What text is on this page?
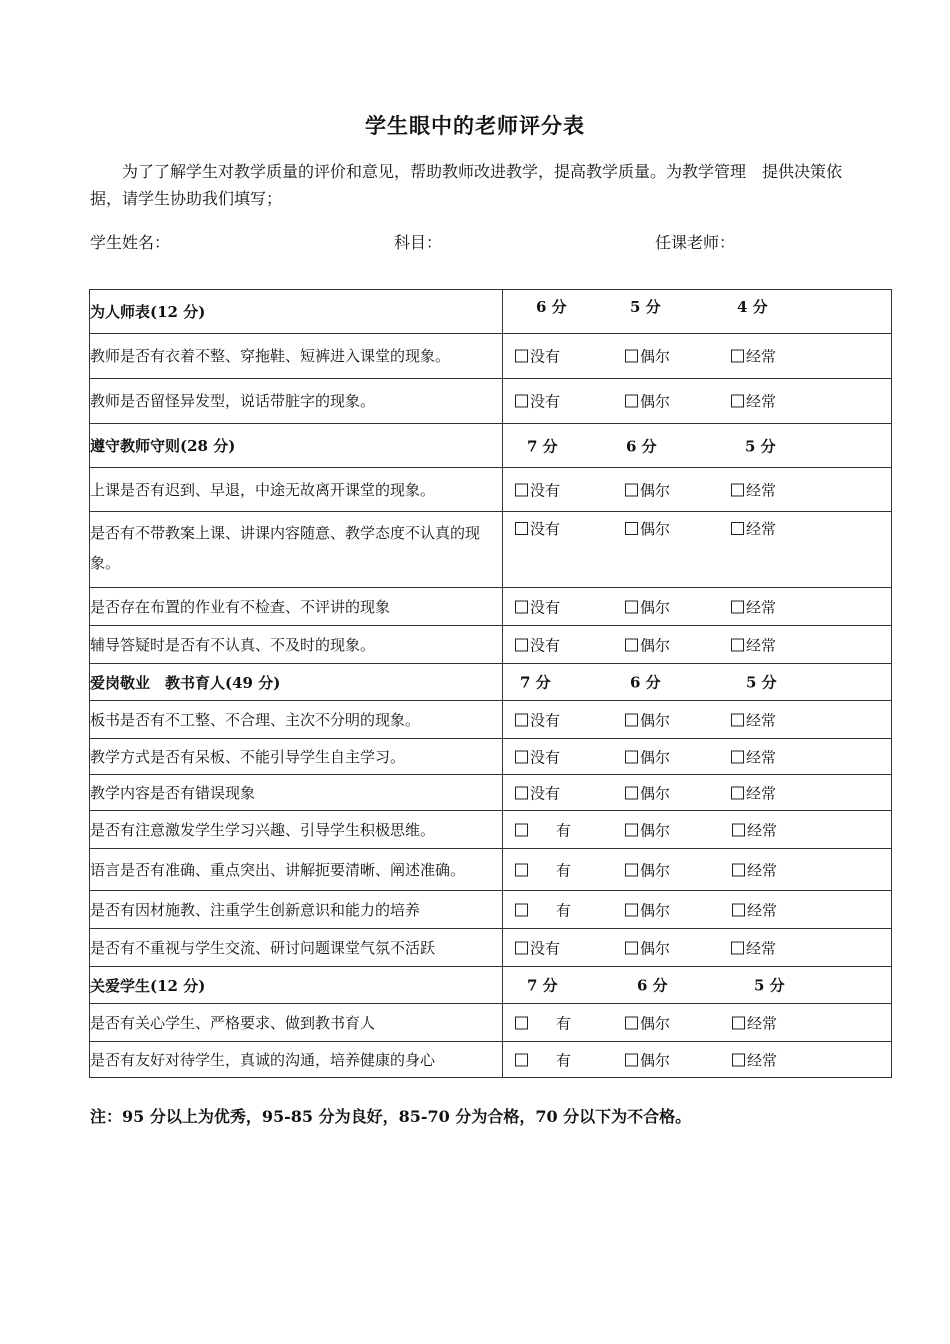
学生眼中的老师评分表
为了了解学生对教学质量的评价和意见，帮助教师改进教学，提高教学质量。为教学管理　提供决策依据，请学生协助我们填写；
学生姓名：	科目：	任课老师：
为人师表(12 分)	6 分 5 分 4 分

教师是否有衣着不整、穿拖鞋、短裤进入课堂的现象。	没有 偶尔 经常

教师是否留怪异发型，说话带脏字的现象。	没有 偶尔 经常

遵守教师守则(28 分)	7 分 6 分 5 分

上课是否有迟到、早退，中途无故离开课堂的现象。	没有 偶尔 经常

是否有不带教案上课、讲课内容随意、教学态度不认真的现象。	没有 偶尔 经常

是否存在布置的作业有不检查、不评讲的现象	没有 偶尔 经常

辅导答疑时是否有不认真、不及时的现象。	没有 偶尔 经常

爱岗敬业　教书育人(49 分)	7 分 6 分 5 分

板书是否有不工整、不合理、主次不分明的现象。	没有 偶尔 经常

教学方式是否有呆板、不能引导学生自主学习。	没有 偶尔 经常

教学内容是否有错误现象	没有 偶尔 经常

是否有注意激发学生学习兴趣、引导学生积极思维。	有 偶尔 经常

语言是否有准确、重点突出、讲解扼要清晰、阐述准确。	有 偶尔 经常

是否有因材施教、注重学生创新意识和能力的培养	有 偶尔 经常

是否有不重视与学生交流、研讨问题课堂气氛不活跃	没有 偶尔 经常

关爱学生(12 分)	7 分 6 分 5 分

是否有关心学生、严格要求、做到教书育人	有 偶尔 经常

是否有友好对待学生，真诚的沟通，培养健康的身心	有 偶尔 经常
注：95 分以上为优秀，95-85 分为良好，85-70 分为合格，70 分以下为不合格。
